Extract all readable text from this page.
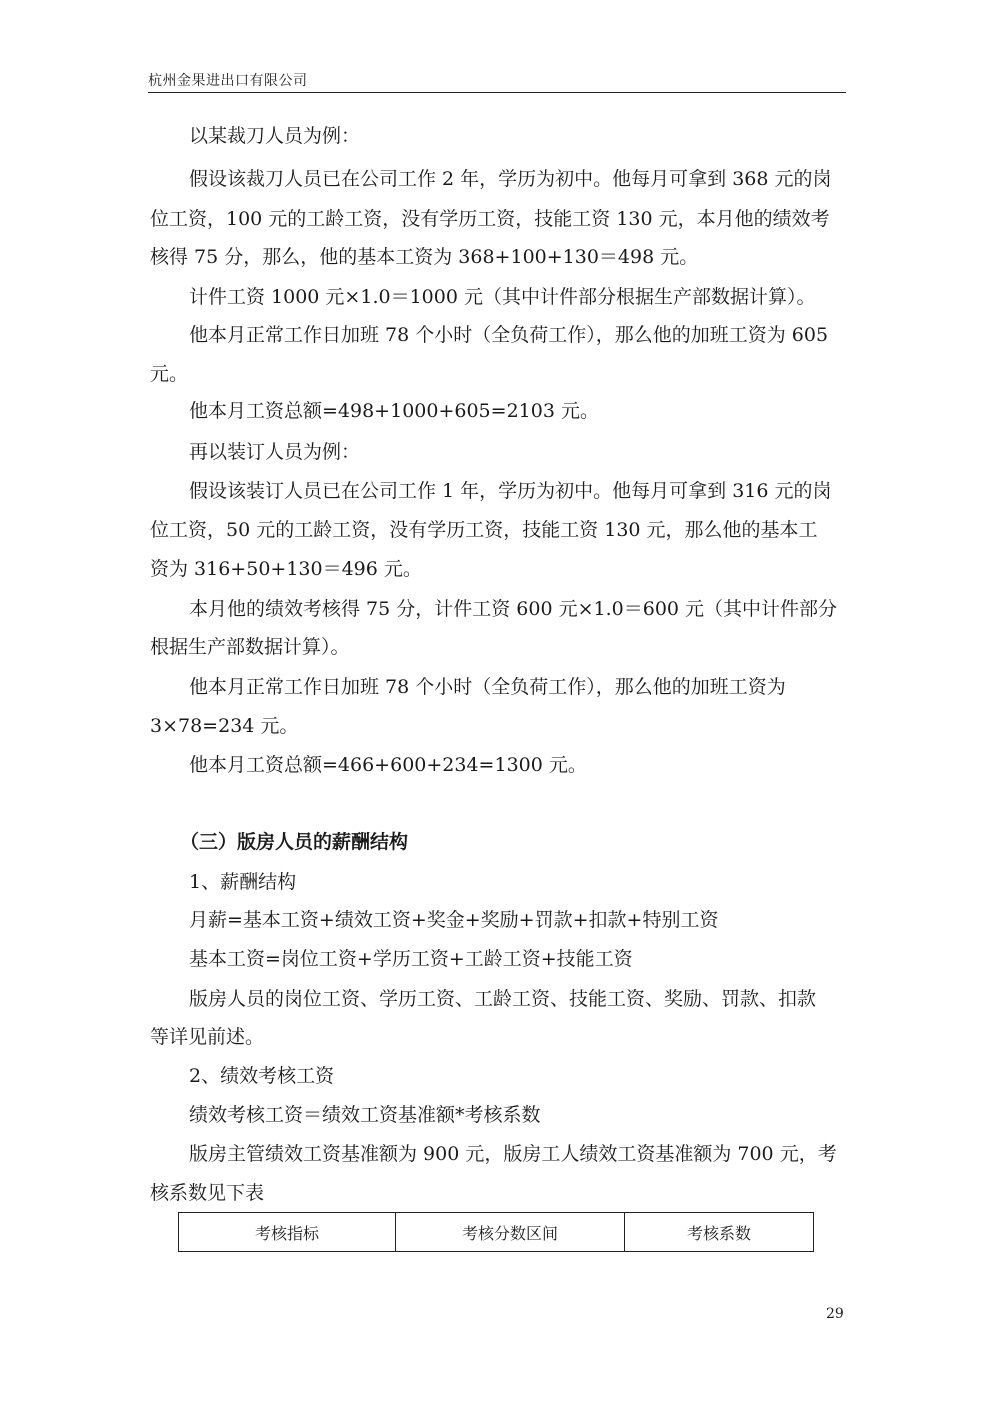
杭州金果进出口有限公司
以某裁刀人员为例：
假设该裁刀人员已在公司工作 2 年，学历为初中。他每月可拿到 368 元的岗
位工资，100 元的工龄工资，没有学历工资，技能工资 130 元，本月他的绩效考
核得 75 分，那么，他的基本工资为 368+100+130＝498 元。
计件工资 1000 元×1.0＝1000 元（其中计件部分根据生产部数据计算）。
他本月正常工作日加班 78 个小时（全负荷工作），那么他的加班工资为 605
元。
他本月工资总额=498+1000+605=2103 元。
再以装订人员为例：
假设该装订人员已在公司工作 1 年，学历为初中。他每月可拿到 316 元的岗
位工资，50 元的工龄工资，没有学历工资，技能工资 130 元，那么他的基本工
资为 316+50+130＝496 元。
本月他的绩效考核得 75 分，计件工资 600 元×1.0＝600 元（其中计件部分
根据生产部数据计算）。
他本月正常工作日加班 78 个小时（全负荷工作），那么他的加班工资为
3×78=234 元。
他本月工资总额=466+600+234=1300 元。
（三）版房人员的薪酬结构
1、薪酬结构
月薪=基本工资+绩效工资+奖金+奖励+罚款+扣款+特别工资
基本工资=岗位工资+学历工资+工龄工资+技能工资
版房人员的岗位工资、学历工资、工龄工资、技能工资、奖励、罚款、扣款
等详见前述。
2、绩效考核工资
绩效考核工资＝绩效工资基准额*考核系数
版房主管绩效工资基准额为 900 元，版房工人绩效工资基准额为 700 元，考
核系数见下表
考核指标	考核分数区间	考核系数
29
